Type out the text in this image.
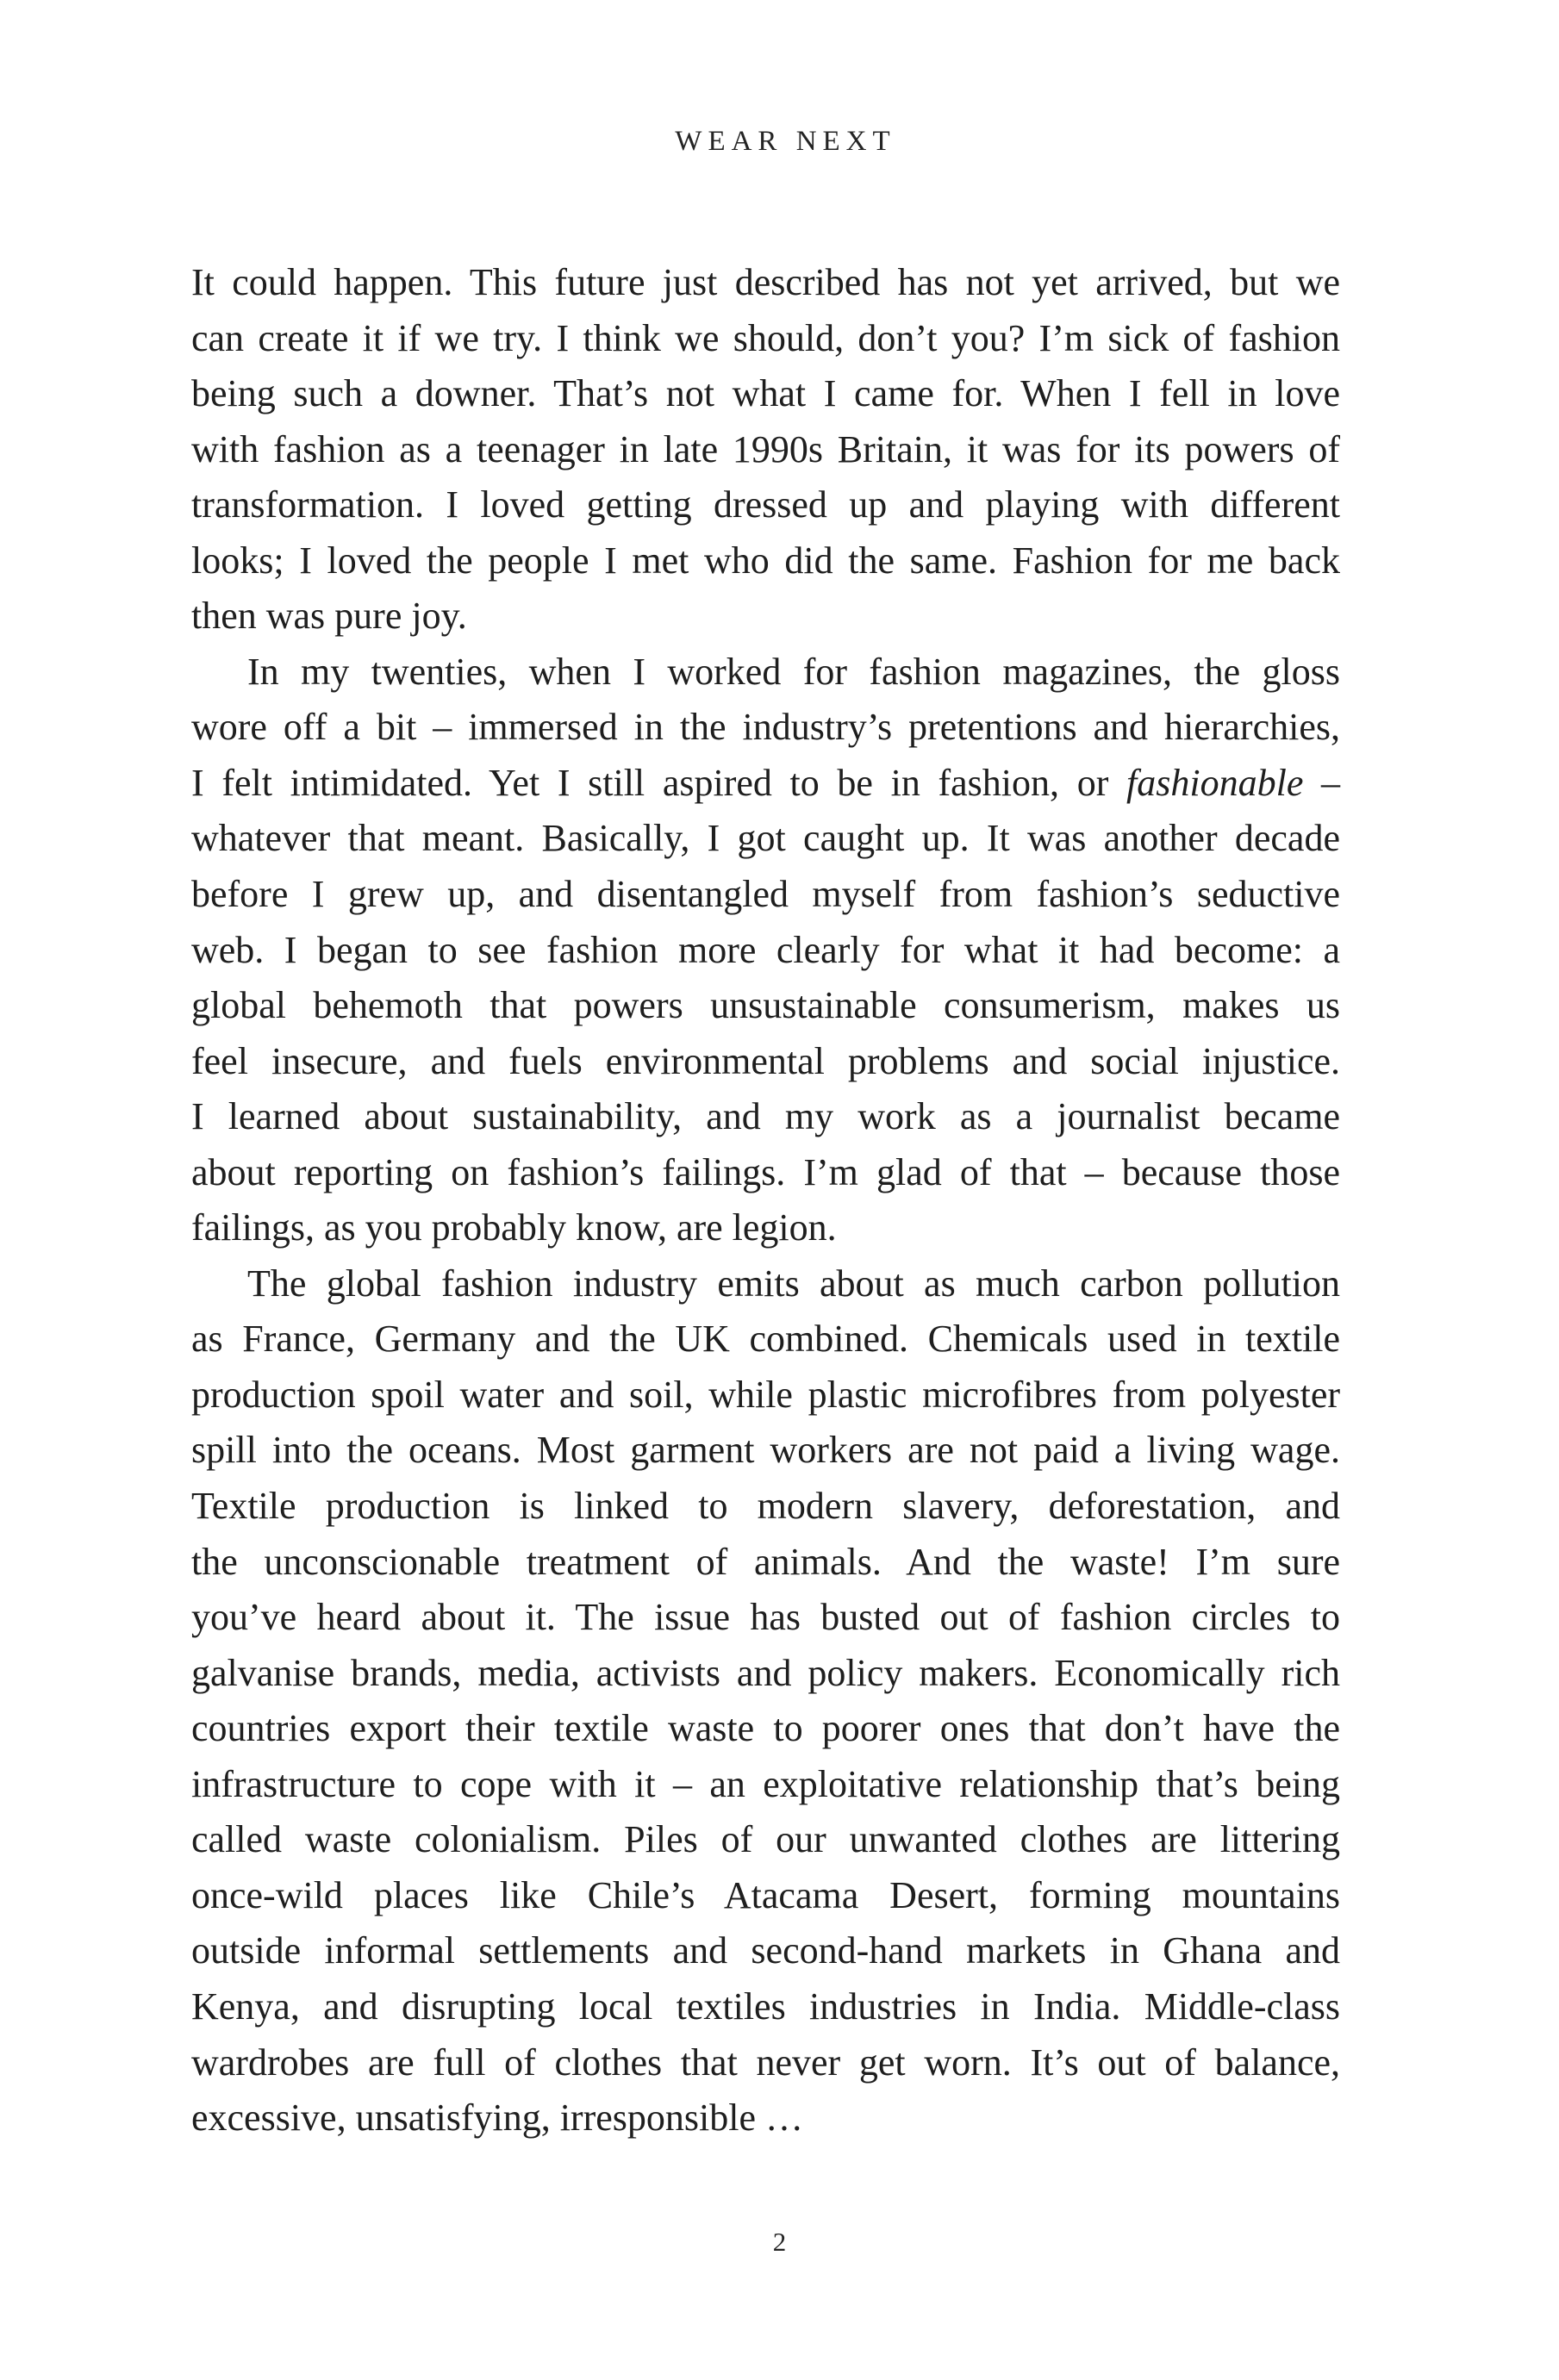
WEAR NEXT
It could happen. This future just described has not yet arrived, but we
can create it if we try. I think we should, don’t you? I’m sick of fashion
being such a downer. That’s not what I came for. When I fell in love
with fashion as a teenager in late 1990s Britain, it was for its powers of
transformation. I loved getting dressed up and playing with different
looks; I loved the people I met who did the same. Fashion for me back
then was pure joy.
In my twenties, when I worked for fashion magazines, the gloss
wore off a bit – immersed in the industry’s pretentions and hierarchies,
I felt intimidated. Yet I still aspired to be in fashion, or fashionable –
whatever that meant. Basically, I got caught up. It was another decade
before I grew up, and disentangled myself from fashion’s seductive
web. I began to see fashion more clearly for what it had become: a
global behemoth that powers unsustainable consumerism, makes us
feel insecure, and fuels environmental problems and social injustice.
I learned about sustainability, and my work as a journalist became
about reporting on fashion’s failings. I’m glad of that – because those
failings, as you probably know, are legion.
The global fashion industry emits about as much carbon pollution
as France, Germany and the UK combined. Chemicals used in textile
production spoil water and soil, while plastic microfibres from polyester
spill into the oceans. Most garment workers are not paid a living wage.
Textile production is linked to modern slavery, deforestation, and
the unconscionable treatment of animals. And the waste! I’m sure
you’ve heard about it. The issue has busted out of fashion circles to
galvanise brands, media, activists and policy makers. Economically rich
countries export their textile waste to poorer ones that don’t have the
infrastructure to cope with it – an exploitative relationship that’s being
called waste colonialism. Piles of our unwanted clothes are littering
once-wild places like Chile’s Atacama Desert, forming mountains
outside informal settlements and second-hand markets in Ghana and
Kenya, and disrupting local textiles industries in India. Middle-class
wardrobes are full of clothes that never get worn. It’s out of balance,
excessive, unsatisfying, irresponsible …
2
